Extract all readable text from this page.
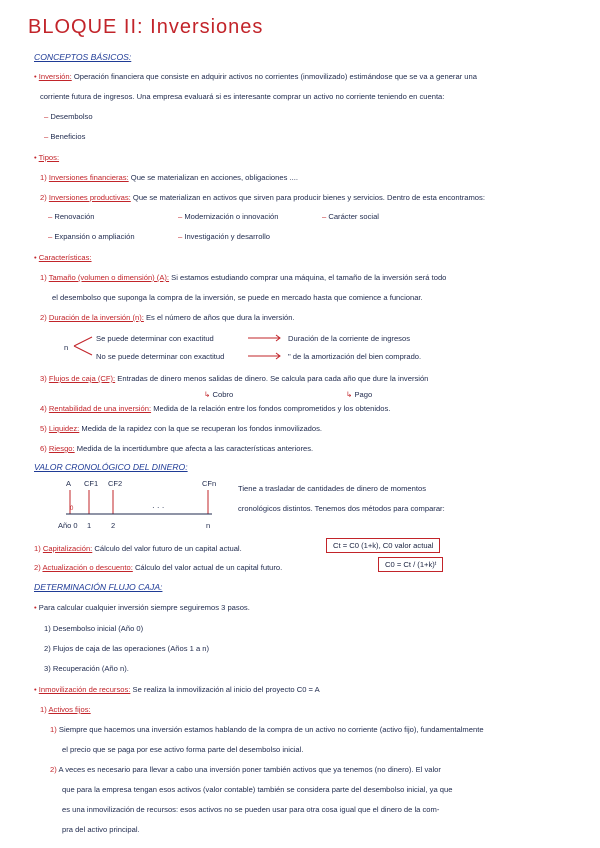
BLOQUE II: Inversiones
CONCEPTOS BÁSICOS:
• Inversión: Operación financiera que consiste en adquirir activos no corrientes (inmovilizado) estimándose que se va a generar una
corriente futura de ingresos. Una empresa evaluará si es interesante comprar un activo no corriente teniendo en cuenta:
– Desembolso
– Beneficios
• Tipos:
1) Inversiones financieras: Que se materializan en acciones, obligaciones ....
2) Inversiones productivas: Que se materializan en activos que sirven para producir bienes y servicios. Dentro de esta encontramos:
– Renovación
– Expansión o ampliación
– Modernización o innovación
– Investigación y desarrollo
– Carácter social
• Características:
1) Tamaño (volumen o dimensión) (A): Si estamos estudiando comprar una máquina, el tamaño de la inversión será todo
el desembolso que suponga la compra de la inversión, se puede en mercado hasta que comience a funcionar.
2) Duración de la inversión (n): Es el número de años que dura la inversión.
n
Se puede determinar con exactitud
No se puede determinar con exactitud
Duración de la corriente de ingresos
" de la amortización del bien comprado.
3) Flujos de caja (CF): Entradas de dinero menos salidas de dinero. Se calcula para cada año que dure la inversión
↳ Cobro	↳ Pago
4) Rentabilidad de una inversión: Medida de la relación entre los fondos comprometidos y los obtenidos.
5) Liquidez: Medida de la rapidez con la que se recuperan los fondos inmovilizados.
6) Riesgo: Medida de la incertidumbre que afecta a las características anteriores.
VALOR CRONOLÓGICO DEL DINERO:
A CF1 CF2	CFn
0	· · ·
Año 0 1	2	n
Tiene a trasladar de cantidades de dinero de momentos
cronológicos distintos. Tenemos dos métodos para comparar:
1) Capitalización: Cálculo del valor futuro de un capital actual.	Ct = C0 (1+k), C0 valor actual
2) Actualización o descuento: Cálculo del valor actual de un capital futuro.	C0 = Ct / (1+k)ᵗ
DETERMINACIÓN FLUJO CAJA:
• Para calcular cualquier inversión siempre seguiremos 3 pasos.
1) Desembolso inicial (Año 0)
2) Flujos de caja de las operaciones (Años 1 a n)
3) Recuperación (Año n).
• Inmovilización de recursos: Se realiza la inmovilización al inicio del proyecto C0 = A
1) Activos fijos:
1) Siempre que hacemos una inversión estamos hablando de la compra de un activo no corriente (activo fijo), fundamentalmente
el precio que se paga por ese activo forma parte del desembolso inicial.
2) A veces es necesario para llevar a cabo una inversión poner también activos que ya tenemos (no dinero). El valor
que para la empresa tengan esos activos (valor contable) también se considera parte del desembolso inicial, ya que
es una inmovilización de recursos: esos activos no se pueden usar para otra cosa igual que el dinero de la com-
pra del activo principal.
